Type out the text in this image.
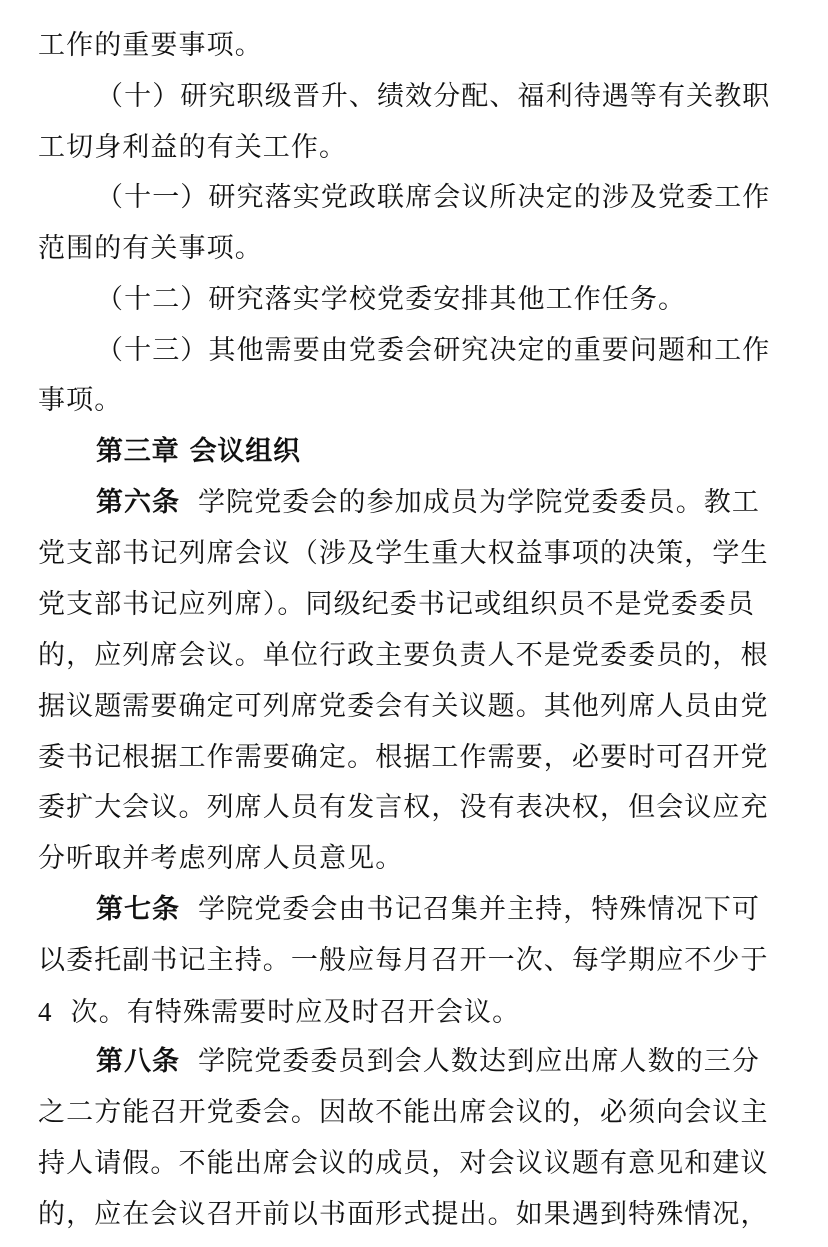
工作的重要事项。
（十）研究职级晋升、绩效分配、福利待遇等有关教职
工切身利益的有关工作。
（十一）研究落实党政联席会议所决定的涉及党委工作
范围的有关事项。
（十二）研究落实学校党委安排其他工作任务。
（十三）其他需要由党委会研究决定的重要问题和工作
事项。
第三章 会议组织
第六条 学院党委会的参加成员为学院党委委员。教工
党支部书记列席会议（涉及学生重大权益事项的决策，学生
党支部书记应列席）。同级纪委书记或组织员不是党委委员
的，应列席会议。单位行政主要负责人不是党委委员的，根
据议题需要确定可列席党委会有关议题。其他列席人员由党
委书记根据工作需要确定。根据工作需要，必要时可召开党
委扩大会议。列席人员有发言权，没有表决权，但会议应充
分听取并考虑列席人员意见。
第七条 学院党委会由书记召集并主持，特殊情况下可
以委托副书记主持。一般应每月召开一次、每学期应不少于
4 次。有特殊需要时应及时召开会议。
第八条 学院党委委员到会人数达到应出席人数的三分
之二方能召开党委会。因故不能出席会议的，必须向会议主
持人请假。不能出席会议的成员，对会议议题有意见和建议
的，应在会议召开前以书面形式提出。如果遇到特殊情况，
